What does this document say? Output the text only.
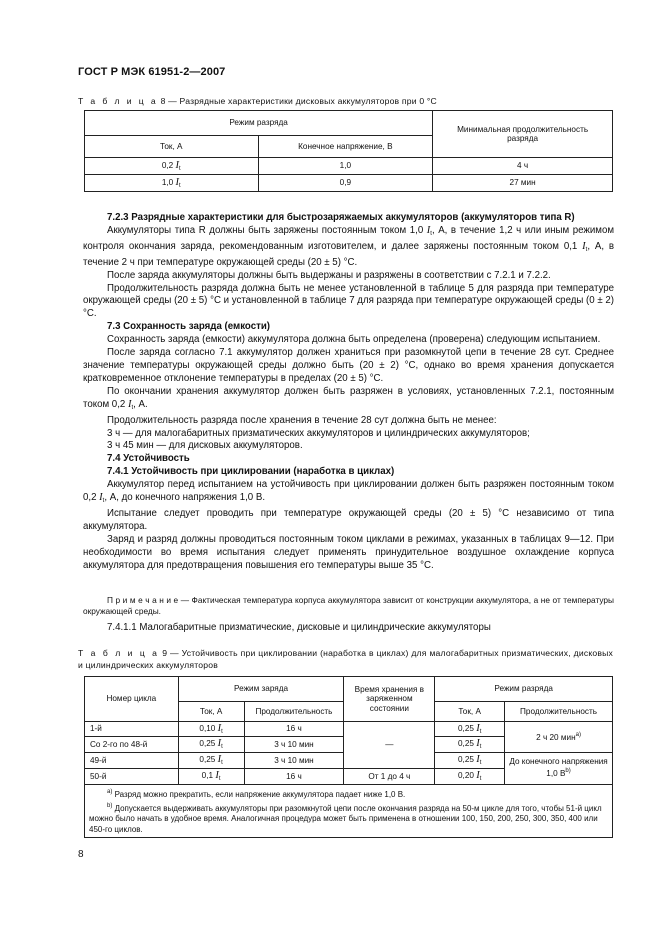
ГОСТ Р МЭК 61951-2—2007
Т а б л и ц а 8 — Разрядные характеристики дисковых аккумуляторов при 0 °С
Режим разряда		Минимальная продолжительность разряда
Ток, А	Конечное напряжение, В	
0,2 $I_t$	1,0	4 ч
1,0 $I_t$	0,9	27 мин

7.2.3 Разрядные характеристики для быстрозаряжаемых аккумуляторов (аккумуляторов типа R)

Аккумуляторы типа R должны быть заряжены постоянным током 1,0 $I_t$, А, в течение 1,2 ч или иным режимом контроля окончания заряда, рекомендованным изготовителем, и далее заряжены постоянным током 0,1 $I_t$, А, в течение 2 ч при температуре окружающей среды (20 ± 5) °С.

После заряда аккумуляторы должны быть выдержаны и разряжены в соответствии с 7.2.1 и 7.2.2.

Продолжительность разряда должна быть не менее установленной в таблице 5 для разряда при температуре окружающей среды (20 ± 5) °С и установленной в таблице 7 для разряда при температуре окружающей среды (0 ± 2) °С.

7.3 Сохранность заряда (емкости)

Сохранность заряда (емкости) аккумулятора должна быть определена (проверена) следующим испытанием.

После заряда согласно 7.1 аккумулятор должен храниться при разомкнутой цепи в течение 28 сут. Среднее значение температуры окружающей среды должно быть (20 ± 2) °С, однако во время хранения допускается кратковременное отклонение температуры в пределах (20 ± 5) °С.

По окончании хранения аккумулятор должен быть разряжен в условиях, установленных 7.2.1, постоянным током 0,2 $I_t$, А.

Продолжительность разряда после хранения в течение 28 сут должна быть не менее:

3 ч — для малогабаритных призматических аккумуляторов и цилиндрических аккумуляторов;

3 ч 45 мин — для дисковых аккумуляторов.

7.4 Устойчивость

7.4.1 Устойчивость при циклировании (наработка в циклах)

Аккумулятор перед испытанием на устойчивость при циклировании должен быть разряжен постоянным током 0,2 $I_t$, А, до конечного напряжения 1,0 В.

Испытание следует проводить при температуре окружающей среды (20 ± 5) °С независимо от типа аккумулятора.

Заряд и разряд должны проводиться постоянным током циклами в режимах, указанных в таблицах 9—12. При необходимости во время испытания следует применять принудительное воздушное охлаждение корпуса аккумулятора для предотвращения повышения его температуры выше 35 °С.

П р и м е ч а н и е — Фактическая температура корпуса аккумулятора зависит от конструкции аккумулятора, а не от температуры окружающей среды.

7.4.1.1 Малогабаритные призматические, дисковые и цилиндрические аккумуляторы
Т а б л и ц а 9 — Устойчивость при циклировании (наработка в циклах) для малогабаритных призматических, дисковых и цилиндрических аккумуляторов
Номер цикла	Режим заряда		Время хранения в заряженном состоянии	Режим разряда	
	Ток, А	Продолжительность		Ток, А	Продолжительность
1-й	0,10 $I_t$	16 ч	—	0,25 $I_t$	2 ч 20 мин$^{а)}$
Со 2-го по 48-й	0,25 $I_t$	3 ч 10 мин		0,25 $I_t$
49-й	0,25 $I_t$	3 ч 10 мин		0,25 $I_t$	До конечного напряжения 1,0 $В^{b)}$
50-й	0,1 $I_t$	16 ч	От 1 до 4 ч	0,20 $I_t$

$^{а)}$ Разряд можно прекратить, если напряжение аккумулятора падает ниже 1,0 В.
$^{b)}$ Допускается выдерживать аккумуляторы при разомкнутой цепи после окончания разряда на 50-м цикле для того, чтобы 51-й цикл можно было начать в удобное время. Аналогичная процедура может быть применена в отношении 100, 150, 200, 250, 300, 350, 400 или 450-го циклов.					
8
